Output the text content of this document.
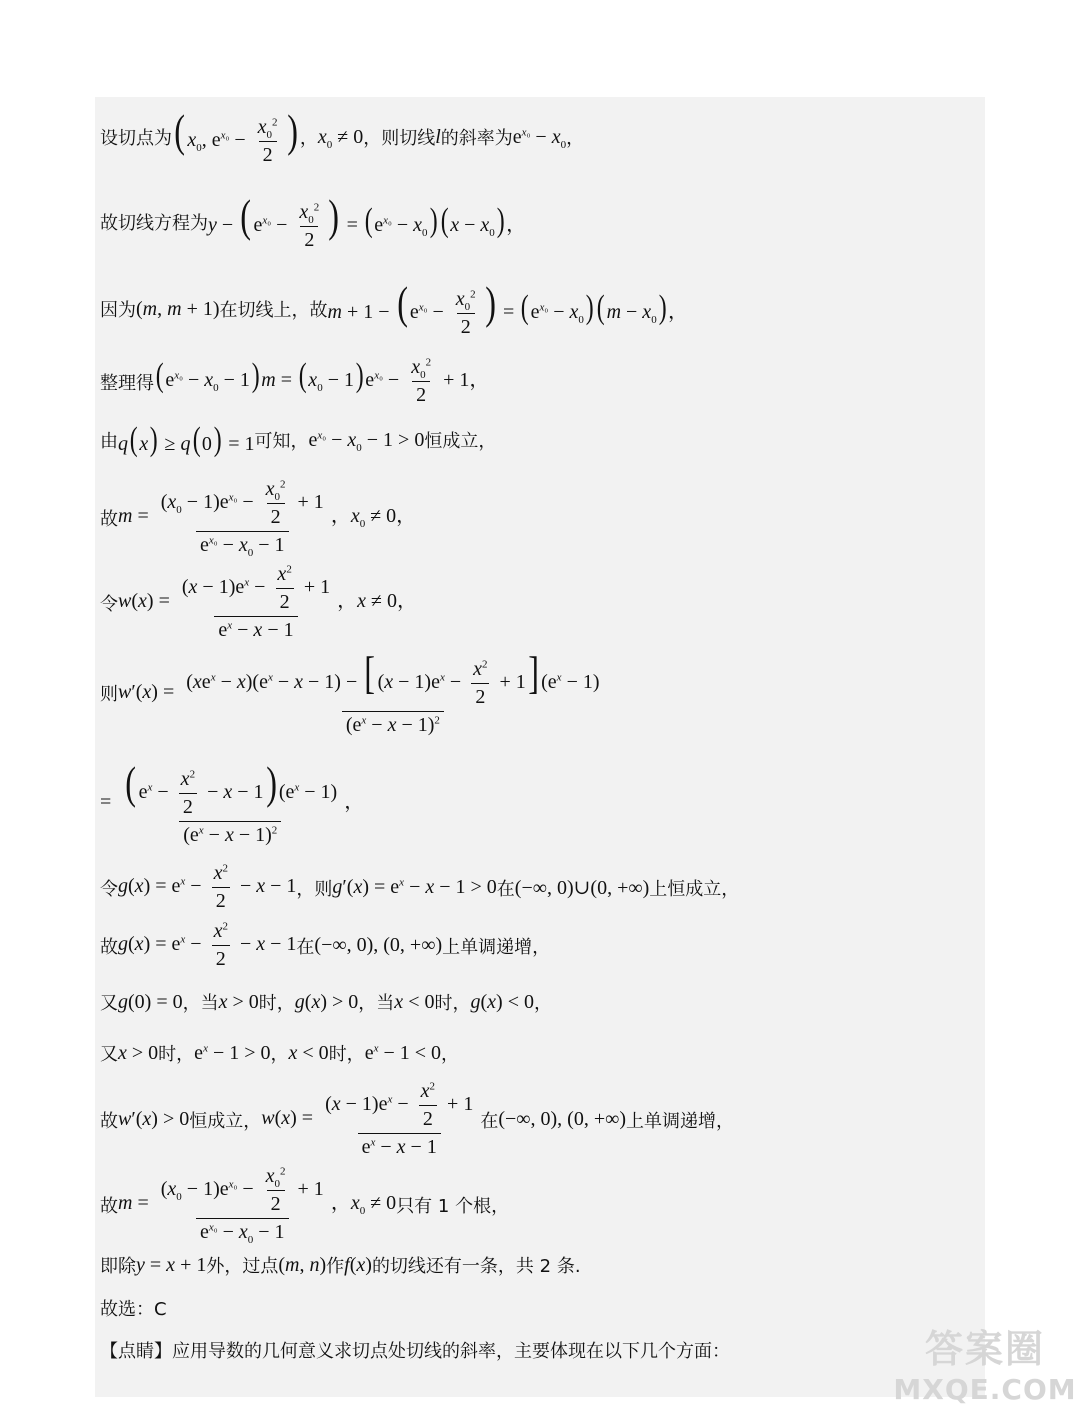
设切点为 ( $x_0$, $e^{x_0} - \frac{x_0^2}{2}$ ) ， $x_0 \ne 0$ ，则切线 l 的斜率为 $e^{x_0} - x_0$ ，
故切线方程为 y − ( $e^{x_0} - \frac{x_0^2}{2}$ ) = $(e^{x_0} - x_0)(x - x_0)$，
因为 (m, m + 1) 在切线上，故 m + 1 − ( $e^{x_0} - \frac{x_0^2}{2}$ ) = $(e^{x_0} - x_0)(m - x_0)$，
整理得 $(e^{x_0} - x_0 - 1)m = (x_0 - 1)e^{x_0} - \frac{x_0^2}{2} + 1$，
由 q(x) ≥ q(0) = 1 可知， $e^{x_0} - x_0 - 1 > 0$ 恒成立，
故 $m = \frac{(x_0 - 1)e^{x_0} - \frac{x_0^2}{2} + 1}{e^{x_0} - x_0 - 1}$ ，$x_0 \ne 0$，
令 $w(x) = \frac{(x - 1)e^x - \frac{x^2}{2} + 1}{e^x - x - 1}$ ，x ≠ 0，
则 $w'(x) = \frac{(xe^x - x)(e^x - x - 1) - [ (x - 1)e^x - \frac{x^2}{2} + 1] (e^x - 1)}{(e^x - x - 1)^2}$
= $\frac{( e^x - \frac{x^2}{2} - x - 1) (e^x - 1)}{(e^x - x - 1)^2}$ ，
令 $g(x) = e^x - \frac{x^2}{2} - x - 1$ ，则 $g'(x) = e^x - x - 1 > 0$ 在 (−∞, 0)∪(0, +∞) 上恒成立，
故 $g(x) = e^x - \frac{x^2}{2} - x - 1$ 在 (−∞, 0), (0, +∞) 上单调递增，
又 g(0) = 0 ，当 x > 0 时， g(x) > 0 ，当 x < 0 时， g(x) < 0 ，
又 x > 0 时， $e^x - 1 > 0$ ， x < 0 时， $e^x - 1 < 0$ ，
故 w′(x) > 0 恒成立， $w(x) = \frac{(x - 1)e^x - \frac{x^2}{2} + 1}{e^x - x - 1}$ 在 (−∞, 0), (0, +∞) 上单调递增，
故 $m = \frac{(x_0 - 1)e^{x_0} - \frac{x_0^2}{2} + 1}{e^{x_0} - x_0 - 1}$ ，$x_0 \ne 0$ 只有 1 个根，
即除 y = x + 1 外，过点 (m, n) 作 f(x) 的切线还有一条，共 2 条.
故选：C
【点睛】应用导数的几何意义求切点处切线的斜率，主要体现在以下几个方面：	答案圈
MXQE.COM
